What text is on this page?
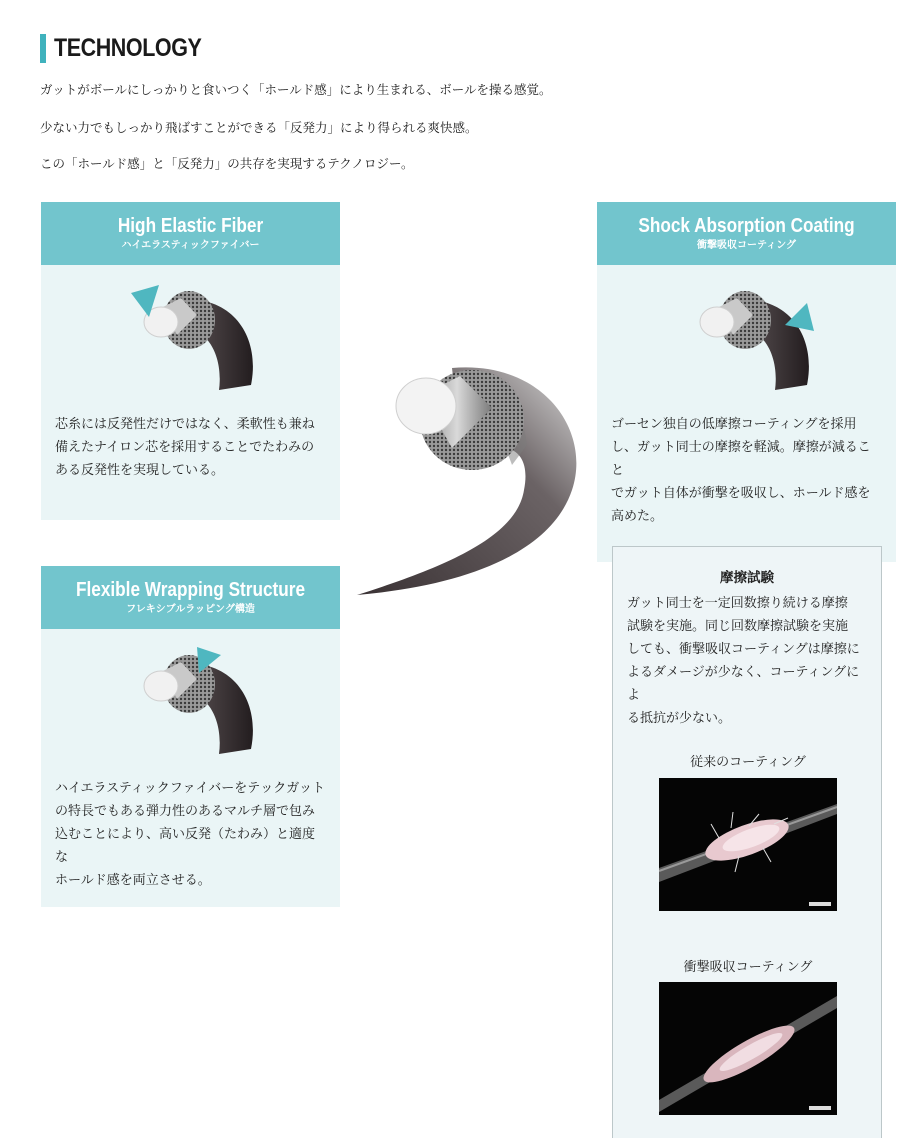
TECHNOLOGY
ガットがボールにしっかりと食いつく「ホールド感」により生まれる、ボールを操る感覚。
少ない力でもしっかり飛ばすことができる「反発力」により得られる爽快感。
この「ホールド感」と「反発力」の共存を実現するテクノロジー。
High Elastic Fiber
ハイエラスティックファイバー
芯糸には反発性だけではなく、柔軟性も兼ね
備えたナイロン芯を採用することでたわみの
ある反発性を実現している。
Flexible Wrapping Structure
フレキシブルラッピング構造
ハイエラスティックファイバーをテックガット
の特長でもある弾力性のあるマルチ層で包み
込むことにより、高い反発（たわみ）と適度な
ホールド感を両立させる。
Shock Absorption Coating
衝撃吸収コーティング
ゴーセン独自の低摩擦コーティングを採用
し、ガット同士の摩擦を軽減。摩擦が減ること
でガット自体が衝撃を吸収し、ホールド感を
高めた。
摩擦試験
ガット同士を一定回数擦り続ける摩擦
試験を実施。同じ回数摩擦試験を実施
しても、衝撃吸収コーティングは摩擦に
よるダメージが少なく、コーティングによ
る抵抗が少ない。
従来のコーティング
衝撃吸収コーティング
